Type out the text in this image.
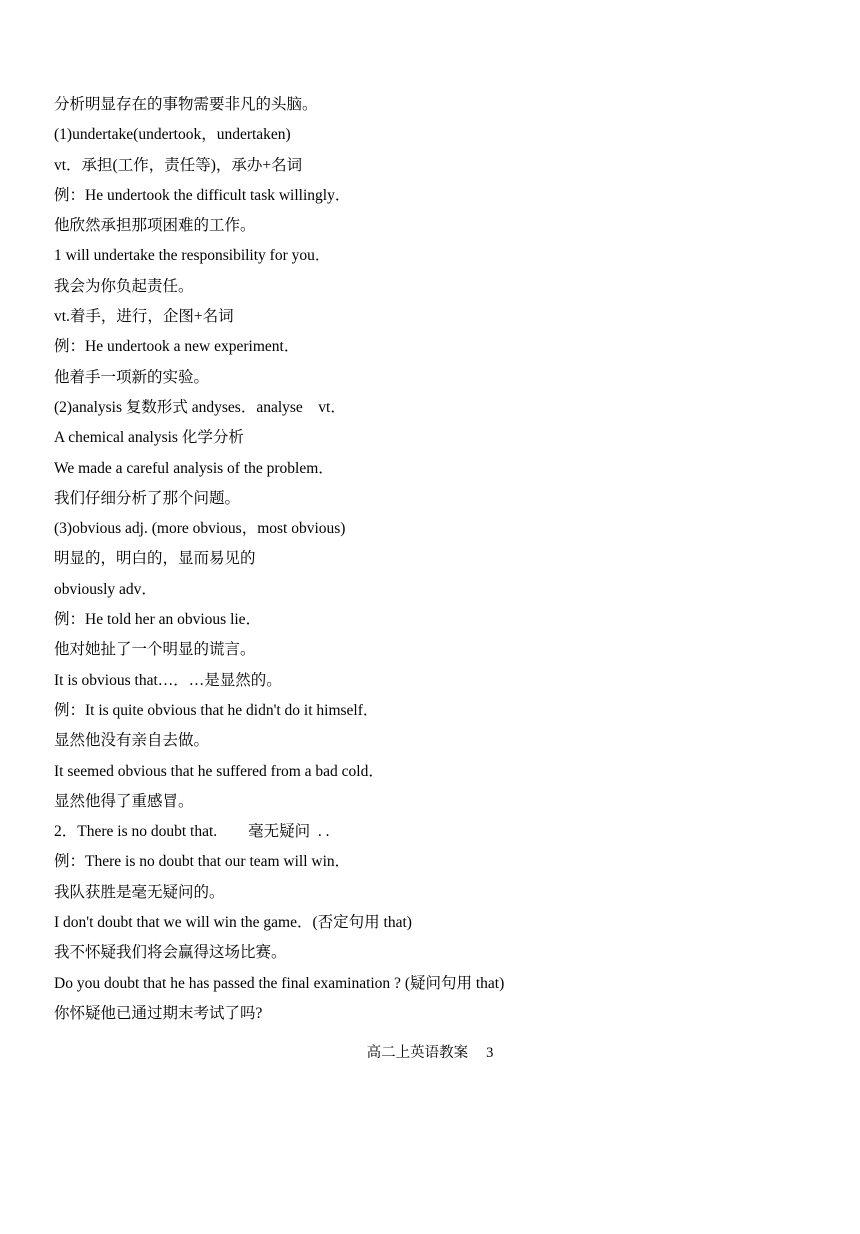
分析明显存在的事物需要非凡的头脑。
(1)undertake(undertook，undertaken)
vt．承担(工作，责任等)，承办+名词
例：He undertook the difficult task willingly．
他欣然承担那项困难的工作。
1 will undertake the responsibility for you．
我会为你负起责任。
vt.着手，进行，企图+名词
例：He undertook a new experiment．
他着手一项新的实验。
(2)analysis 复数形式 andyses．analyse    vt．
A chemical analysis 化学分析
We made a careful analysis of the problem．
我们仔细分析了那个问题。
(3)obvious adj. (more obvious，most obvious)
明显的，明白的，显而易见的
obviously adv．
例：He told her an obvious lie．
他对她扯了一个明显的谎言。
It is obvious that…．…是显然的。
例：It is quite obvious that he didn't do it himself．
显然他没有亲自去做。
It seemed obvious that he suffered from a bad cold．
显然他得了重感冒。
2．There is no doubt that.        毫无疑问  . .
例：There is no doubt that our team will win．
我队获胜是毫无疑问的。
I don't doubt that we will win the game．(否定句用 that)
我不怀疑我们将会赢得这场比赛。
Do you doubt that he has passed the final examination ? (疑问句用 that)
你怀疑他已通过期末考试了吗?
高二上英语教案 3
